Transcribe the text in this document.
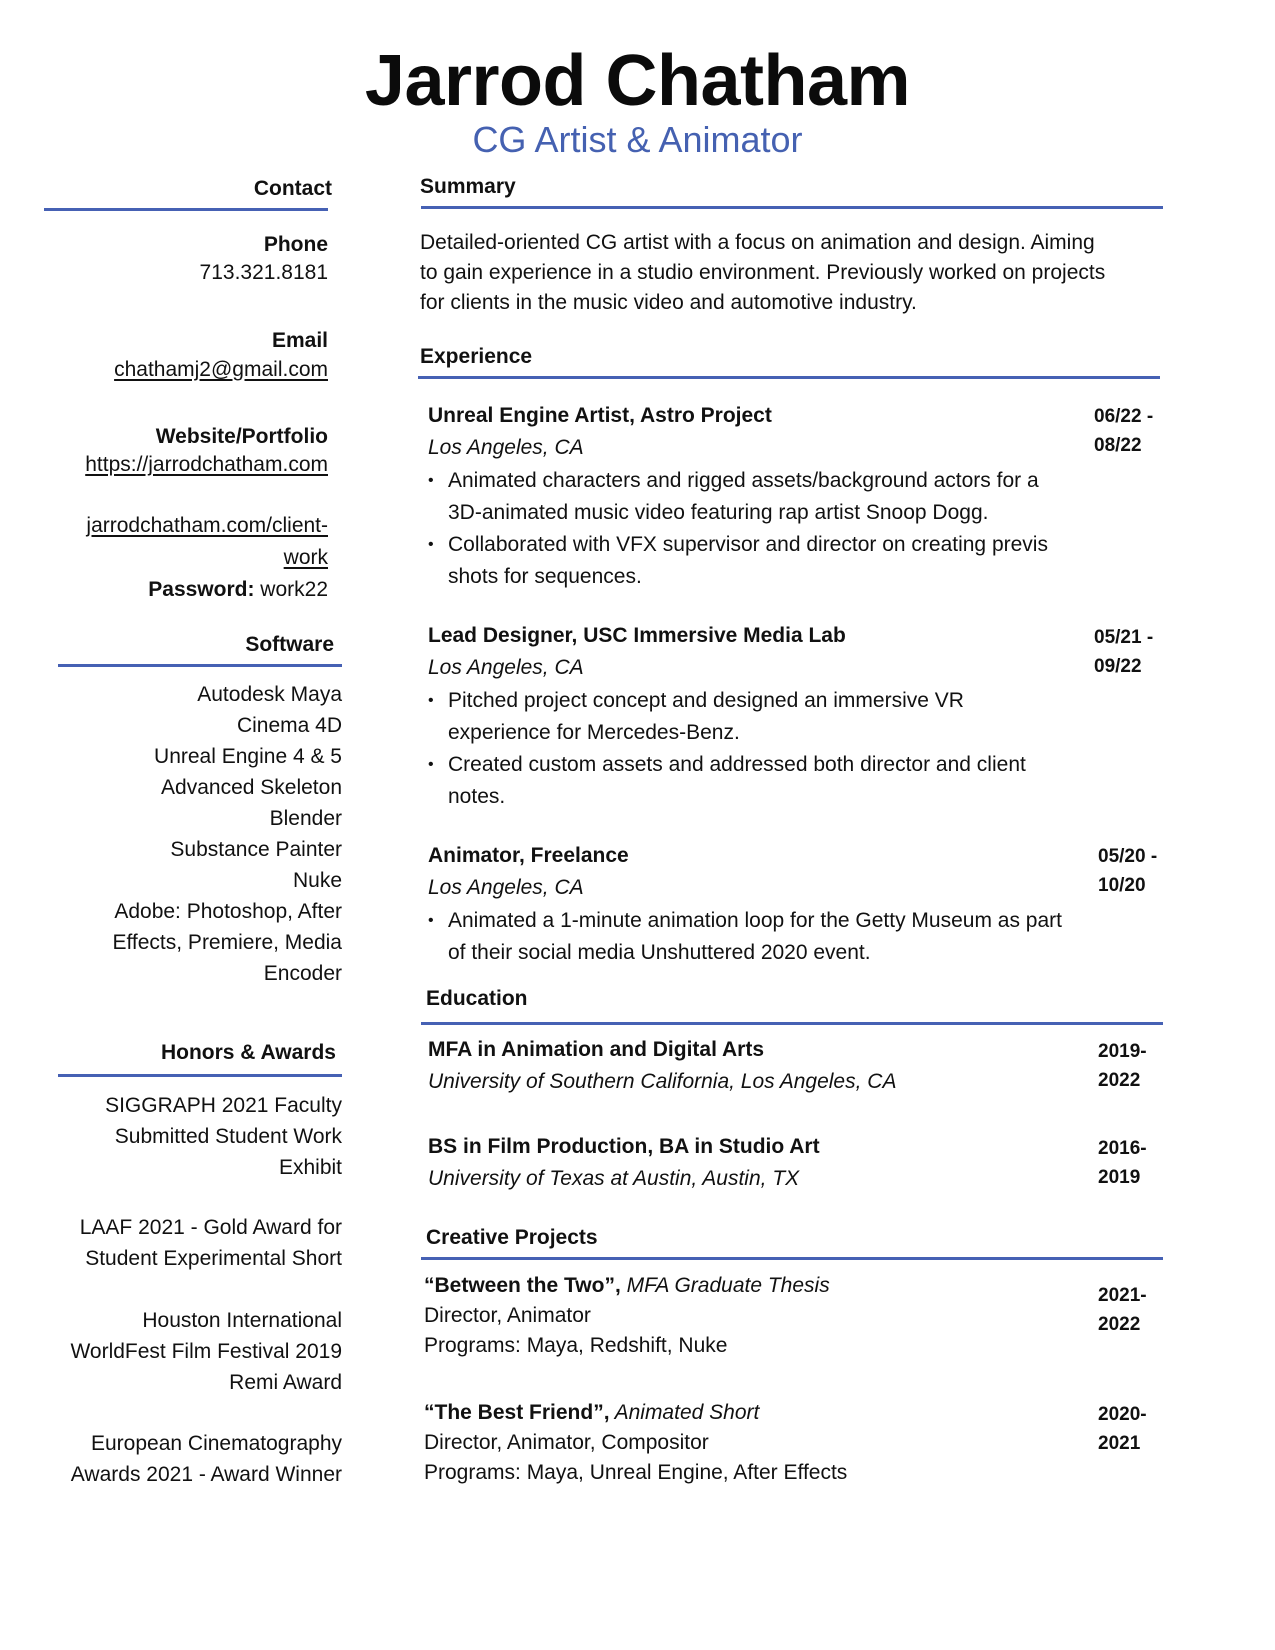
Jarrod Chatham
CG Artist & Animator
Contact
Phone
713.321.8181
Email
chathamj2@gmail.com
Website/Portfolio
https://jarrodchatham.com
jarrodchatham.com/client-
work
Password: work22
Software
Autodesk Maya
Cinema 4D
Unreal Engine 4 & 5
Advanced Skeleton
Blender
Substance Painter
Nuke
Adobe: Photoshop, After
Effects, Premiere, Media
Encoder
Honors & Awards
SIGGRAPH 2021 Faculty
Submitted Student Work
Exhibit
LAAF 2021 - Gold Award for
Student Experimental Short
Houston International
WorldFest Film Festival 2019
Remi Award
European Cinematography
Awards 2021 - Award Winner
Summary
Detailed-oriented CG artist with a focus on animation and design. Aiming
to gain experience in a studio environment. Previously worked on projects
for clients in the music video and automotive industry.
Experience
Unreal Engine Artist, Astro Project
Los Angeles, CA
• Animated characters and rigged assets/background actors for a 3D-animated music video featuring rap artist Snoop Dogg.
• Collaborated with VFX supervisor and director on creating previs shots for sequences.
06/22 -
08/22
Lead Designer, USC Immersive Media Lab
Los Angeles, CA
• Pitched project concept and designed an immersive VR experience for Mercedes-Benz.
• Created custom assets and addressed both director and client notes.
05/21 -
09/22
Animator, Freelance
Los Angeles, CA
• Animated a 1-minute animation loop for the Getty Museum as part of their social media Unshuttered 2020 event.
05/20 -
10/20
Education
MFA in Animation and Digital Arts
University of Southern California, Los Angeles, CA
2019-
2022
BS in Film Production, BA in Studio Art
University of Texas at Austin, Austin, TX
2016-
2019
Creative Projects
“Between the Two”, MFA Graduate Thesis
Director, Animator
Programs: Maya, Redshift, Nuke
2021-
2022
“The Best Friend”, Animated Short
Director, Animator, Compositor
Programs: Maya, Unreal Engine, After Effects
2020-
2021
